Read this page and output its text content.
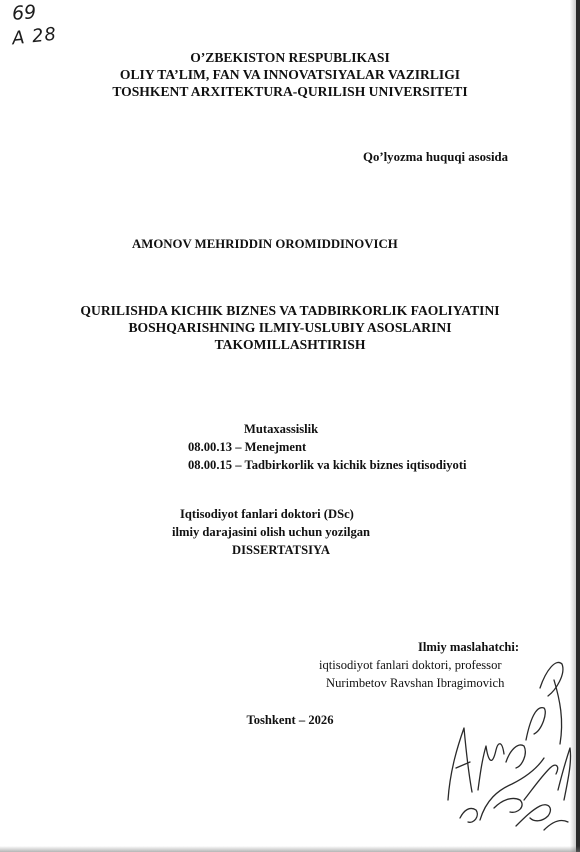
69
A 28
O’ZBEKISTON RESPUBLIKASI
OLIY TA’LIM, FAN VA INNOVATSIYALAR VAZIRLIGI
TOSHKENT ARXITEKTURA-QURILISH UNIVERSITETI
Qo’lyozma huquqi asosida
AMONOV MEHRIDDIN OROMIDDINOVICH
QURILISHDA KICHIK BIZNES VA TADBIRKORLIK FAOLIYATINI
BOSHQARISHNING ILMIY-USLUBIY ASOSLARINI
TAKOMILLASHTIRISH
Mutaxassislik
08.00.13 – Menejment
08.00.15 – Tadbirkorlik va kichik biznes iqtisodiyoti
Iqtisodiyot fanlari doktori (DSc)
ilmiy darajasini olish uchun yozilgan
DISSERTATSIYA
Ilmiy maslahatchi:
iqtisodiyot fanlari doktori, professor
Nurimbetov Ravshan Ibragimovich
Toshkent – 2026
